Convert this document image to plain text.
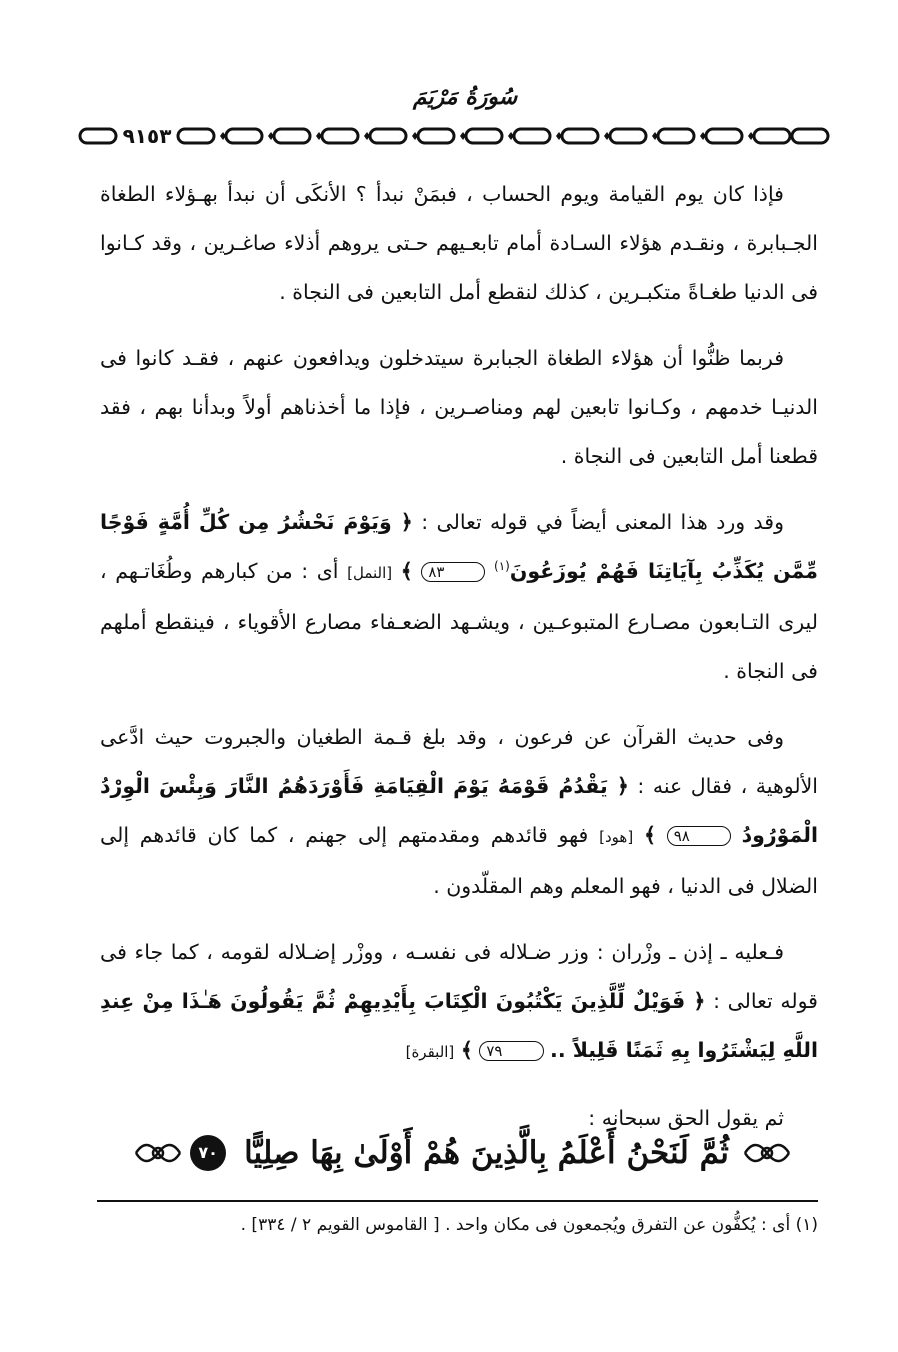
سُورَةُ مَرْيَمَ
٩١٥٣

فإذا كان يوم القيامة ويوم الحساب ، فبمَنْ نبدأ ؟ الأنكَى أن نبدأ بهـؤلاء الطغاة الجـبابرة ، ونقـدم هؤلاء السـادة أمام تابعـيهم حـتى يروهم أذلاء صاغـرين ، وقد كـانوا فى الدنيا طغـاةً متكبـرين ، كذلك لنقطع أمل التابعين فى النجاة .

فربما ظنُّوا أن هؤلاء الطغاة الجبابرة سيتدخلون ويدافعون عنهم ، فقـد كانوا فى الدنيـا خدمهم ، وكـانوا تابعين لهم ومناصـرين ، فإذا ما أخذناهم أولاً وبدأنا بهم ، فقد قطعنا أمل التابعين فى النجاة .

وقد ورد هذا المعنى أيضاً في قوله تعالى : ﴿ وَيَوْمَ نَحْشُرُ مِن كُلِّ أُمَّةٍ فَوْجًا مِّمَّن يُكَذِّبُ بِآيَاتِنَا فَهُمْ يُوزَعُونَ$^{(١)}$ ٨٣ ﴾ [النمل] أى : من كبارهم وطُغَاتـهم ، ليرى التـابعون مصـارع المتبوعـين ، ويشـهد الضعـفاء مصارع الأقوياء ، فينقطع أملهم فى النجاة .

وفى حديث القرآن عن فرعون ، وقد بلغ قـمة الطغيان والجبروت حيث ادَّعى الألوهية ، فقال عنه : ﴿ يَقْدُمُ قَوْمَهُ يَوْمَ الْقِيَامَةِ فَأَوْرَدَهُمُ النَّارَ وَبِئْسَ الْوِرْدُ الْمَوْرُودُ ٩٨ ﴾ [هود] فهو قائدهم ومقدمتهم إلى جهنم ، كما كان قائدهم إلى الضلال فى الدنيا ، فهو المعلم وهم المقلّدون .

فـعليه ـ إذن ـ وزْران : وزر ضـلاله فى نفسـه ، ووزْر إضـلاله لقومه ، كما جاء فى قوله تعالى : ﴿ فَوَيْلٌ لِّلَّذِينَ يَكْتُبُونَ الْكِتَابَ بِأَيْدِيهِمْ ثُمَّ يَقُولُونَ هَـٰذَا مِنْ عِندِ اللَّهِ لِيَشْتَرُوا بِهِ ثَمَنًا قَلِيلاً .. ٧٩ ﴾ [البقرة]

ثم يقول الحق سبحانه :

ثُمَّ لَنَحْنُ أَعْلَمُ بِالَّذِينَ هُمْ أَوْلَىٰ بِهَا صِلِيًّا
٧٠
(١) أى : يُكفُّون عن التفرق ويُجمعون فى مكان واحد . [ القاموس القويم ٢ / ٣٣٤] .
